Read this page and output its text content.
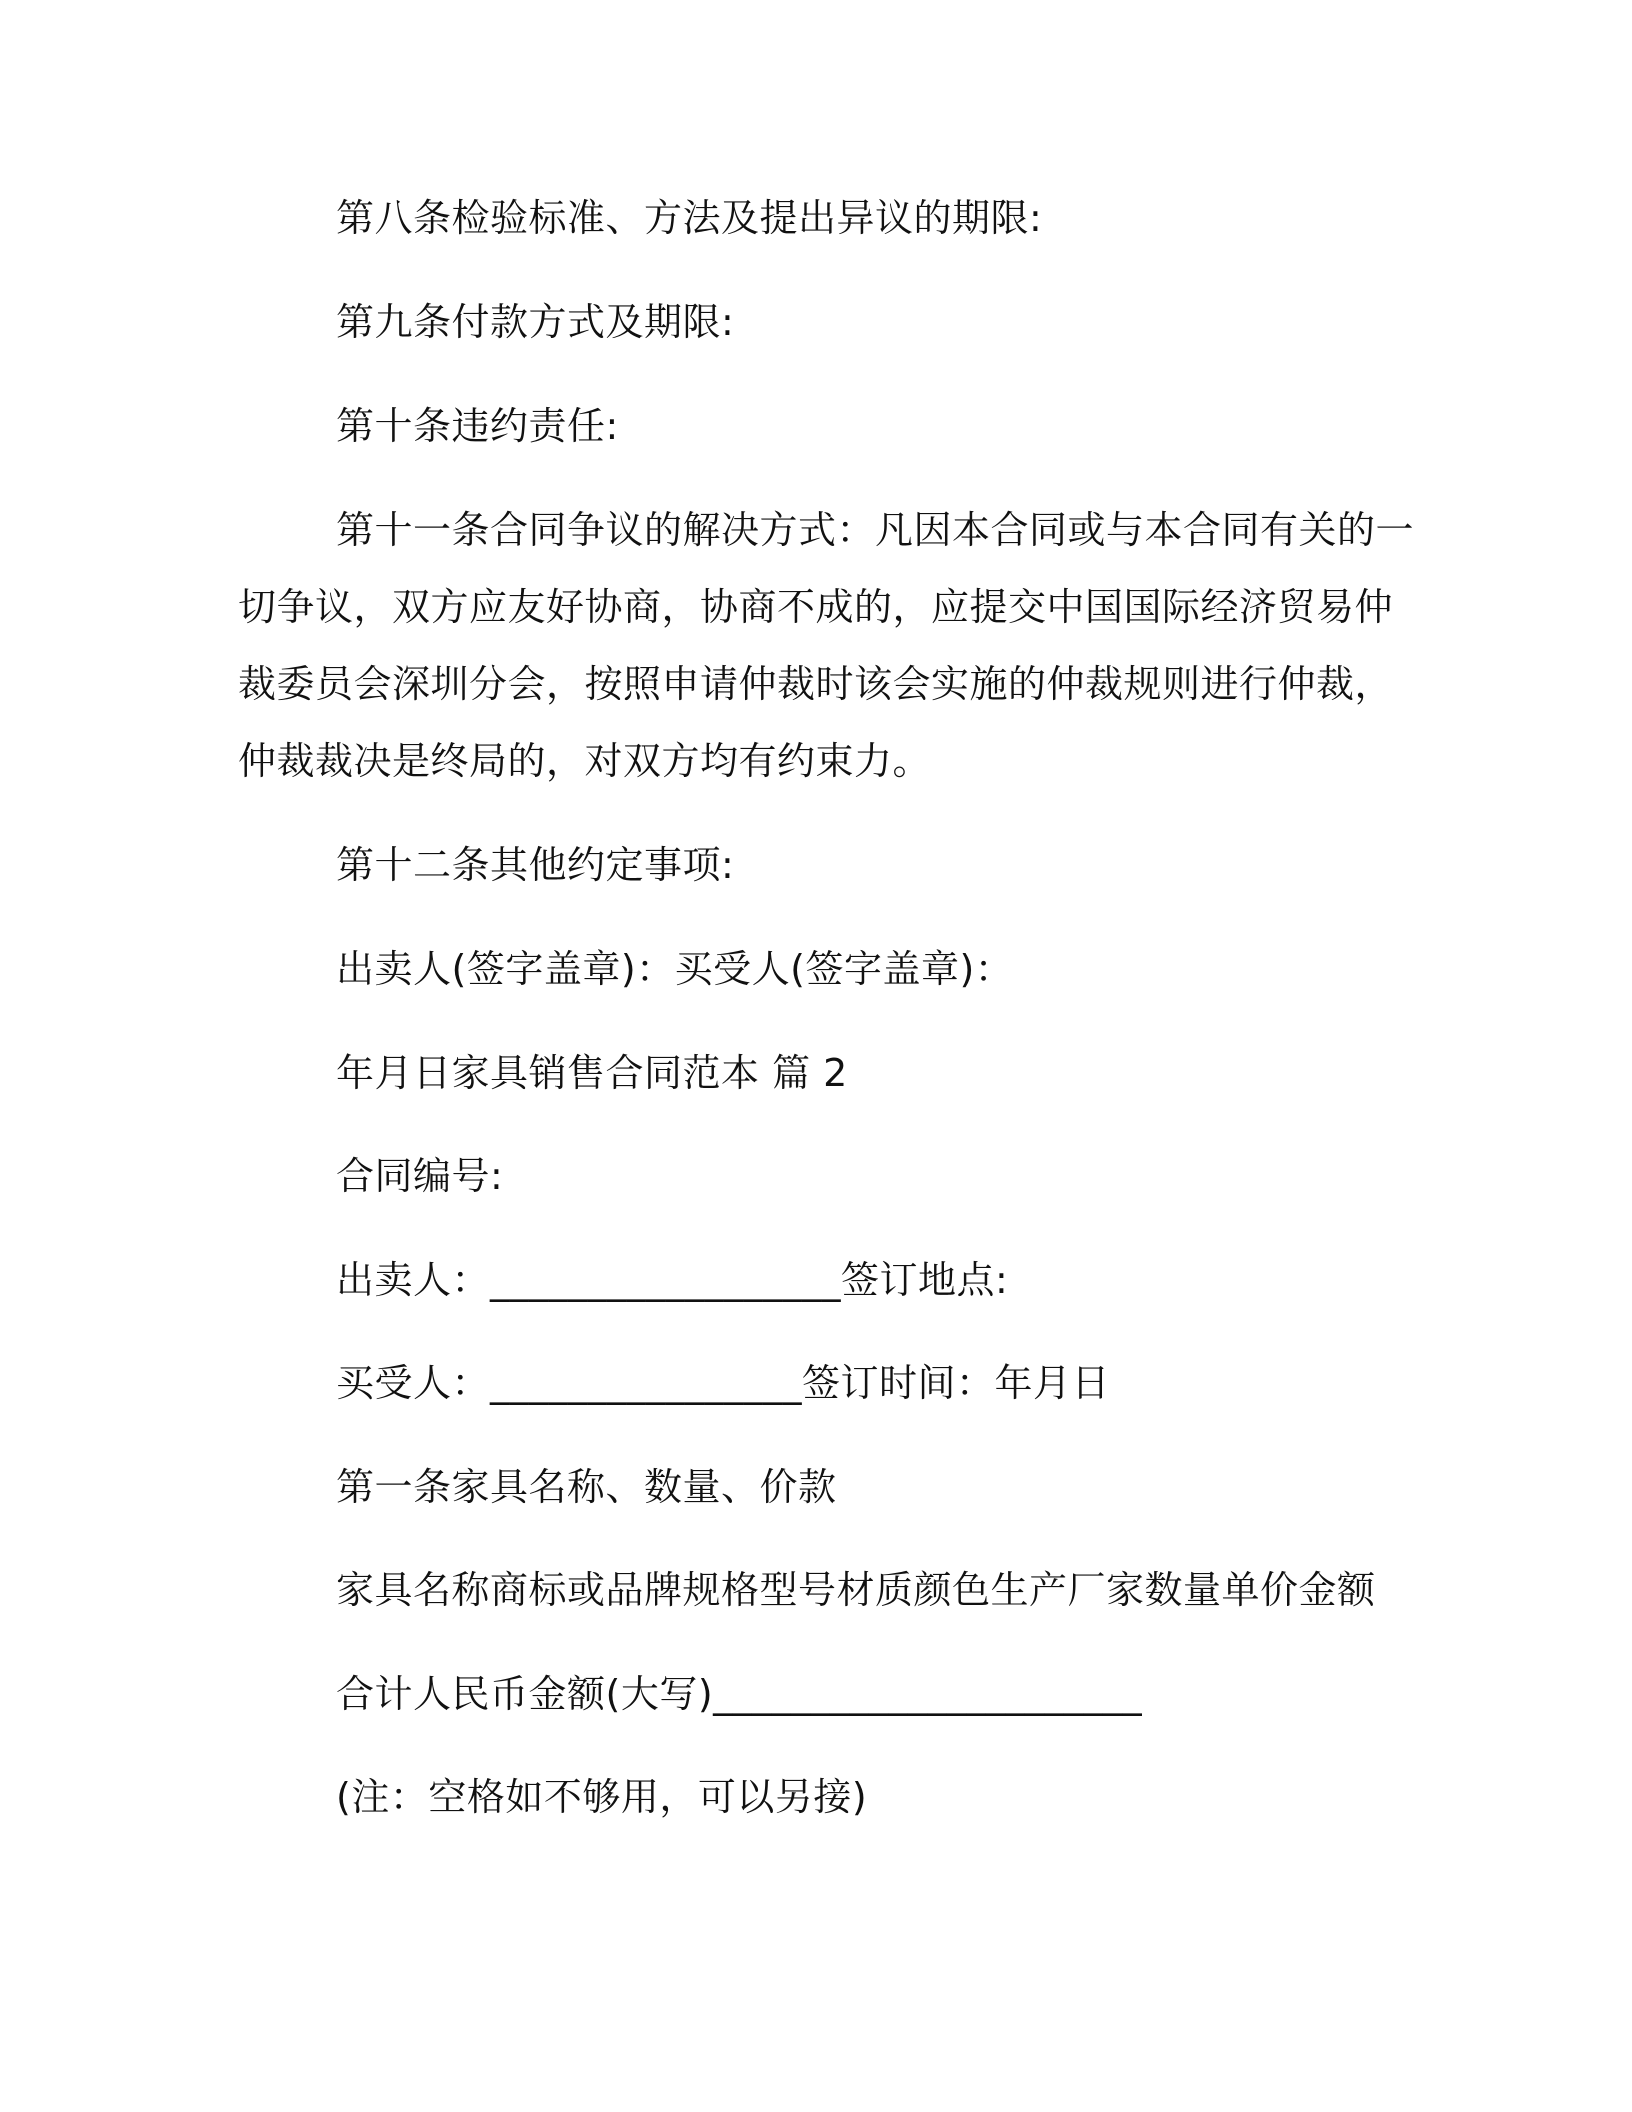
第八条检验标准、方法及提出异议的期限:
第九条付款方式及期限:
第十条违约责任:
第十一条合同争议的解决方式：凡因本合同或与本合同有关的一
切争议，双方应友好协商，协商不成的，应提交中国国际经济贸易仲
裁委员会深圳分会，按照申请仲裁时该会实施的仲裁规则进行仲裁，
仲裁裁决是终局的，对双方均有约束力。
第十二条其他约定事项:
出卖人(签字盖章)：买受人(签字盖章)：
年月日家具销售合同范本 篇 2
合同编号:
出卖人：__________________签订地点:
买受人：________________签订时间：年月日
第一条家具名称、数量、价款
家具名称商标或品牌规格型号材质颜色生产厂家数量单价金额
合计人民币金额(大写)______________________
(注：空格如不够用，可以另接)
